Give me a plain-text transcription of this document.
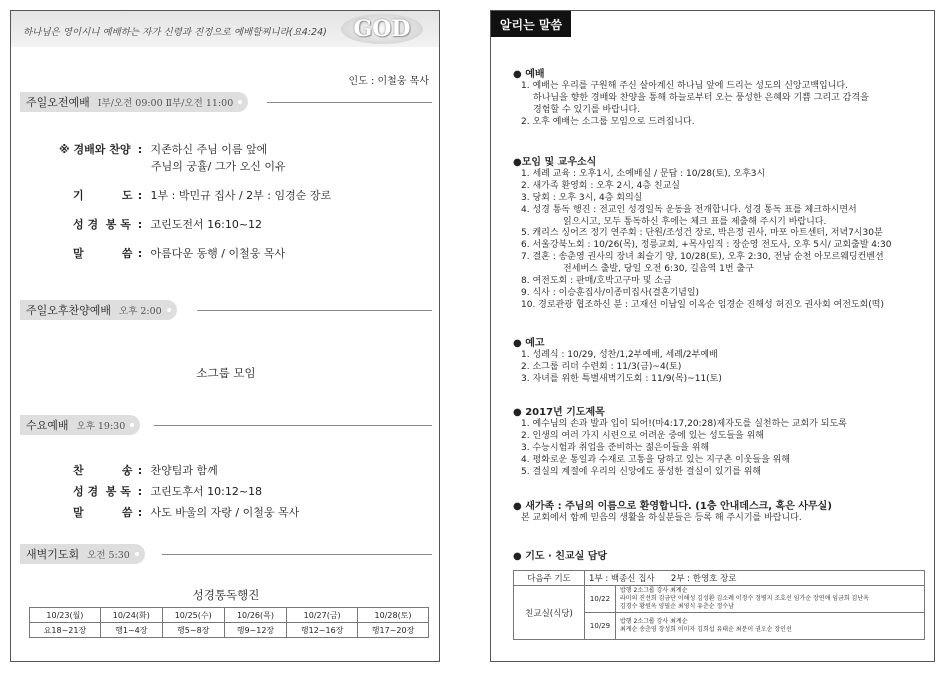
하나님은 영이시니 예배하는 자가 신령과 진정으로 예배할찌니라(요4:24)	GOD
인도 : 이철웅 목사
주일오전예배 Ⅰ부/오전 09:00 Ⅱ부/오전 11:00
※ 경배와 찬양 : 지존하신 주님 이름 앞에
주님의 궁휼/ 그가 오신 이유
기          도 : 1부 : 박민규 집사 / 2부 : 임경순 장로
성 경  봉 독 : 고린도전서 16:10~12
말          씀 : 아름다운 동행 / 이철웅 목사
주일오후찬양예배 오후 2:00
소그룹 모임
수요예배 오후 19:30
찬          송 : 찬양팀과 함께
성 경  봉 독 : 고린도후서 10:12~18
말          씀 : 사도 바울의 자랑 / 이철웅 목사
새벽기도회 오전 5:30
성경통독행진
10/23(월)	10/24(화)	10/25(수)	10/26(목)	10/27(금)	10/28(토)
요18~21장	행1~4장	행5~8장	행9~12장	행12~16장	행17~20장
알리는 말씀
● 예배
1. 예배는 우리를 구원해 주신 살아계신 하나님 앞에 드리는 성도의 신앙고백입니다.
하나님을 향한 경배와 찬양을 통해 하늘로부터 오는 풍성한 은혜와 기쁨 그리고 감격을
경험할 수 있기를 바랍니다.
2. 오후 예배는 소그룹 모임으로 드려집니다.
●모임 및 교우소식
1. 세례 교육 : 오후1시, 소예배실 / 문답 : 10/28(토), 오후3시
2. 새가족 환영회 : 오후 2시, 4층 친교실
3. 당회 : 오후 3시, 4층 회의실
4. 성경 통독 행진 : 전교인 성경일독 운동을 전개합니다. 성경 통독 표를 체크하시면서
읽으시고, 모두 통독하신 후에는 체크 표를 제출해 주시기 바랍니다.
5. 캐리스 싱어즈 정기 연주회 : 단원/조성건 장로, 박은정 권사, 마포 아트센터, 저녁7시30분
6. 서울강북노회 : 10/26(목), 정릉교회, +목사임직 : 장순영 전도사, 오후 5시/ 교회출발 4:30
7. 결혼 : 송춘영 권사의 장녀 최슬기 양, 10/28(토), 오후 2:30, 전남 순천 아모르웨딩컨벤션
전세버스 출발, 당일 오전 6:30, 길음역 1번 출구
8. 여전도회 : 판매/호박고구마 및 소금
9. 식사 : 이승훈집사/이종미집사(결혼기념일)
10. 경로관광 협조하신 분 : 고재선 이남일 이옥순 임경순 진해성 허진오 권사회 여전도회(떡)
● 예고
1. 성례식 : 10/29, 성찬/1,2부예배, 세례/2부예배
2. 소그룹 리더 수련회 : 11/3(금)~4(토)
3. 자녀를 위한 특별새벽기도회 : 11/9(목)~11(토)
● 2017년 기도제목
1. 예수님의 손과 발과 입이 되어!(마4:17,20:28)제자도를 실천하는 교회가 되도록
2. 인생의 여러 가지 시련으로 어려운 중에 있는 성도들을 위해
3. 수능시험과 취업을 준비하는 젊은이들을 위해
4. 평화로운 통일과 수재로 고통을 당하고 있는 지구촌 이웃들을 위해
5. 결실의 계절에 우리의 신앙에도 풍성한 결실이 있기를 위해
● 새가족 : 주님의 이름으로 환영합니다. (1층 안내데스크, 혹은 사무실)
본 교회에서 함께 믿음의 생활을 하실분들은 등록 해 주시기를 바랍니다.
● 기도 · 친교실 담당
다음주 기도	1부 : 백종신 집사      2부 : 한영호 장로	
친교실(식당)	10/22	밥행 2소그룹 강사 최계순
라미의 진선희 김금단 이해성 김성환 김소례 이정수 정병지 조호선 임가순 장연애 임금희 김난옥
김경수 황원옥 양필순 최영식 유춘순 정수남

	10/29	밥행 2소그룹 강사 최계순
최계순 송춘영 장성희 이미자 김희섭 유태순 최분이 권오순 장인선
